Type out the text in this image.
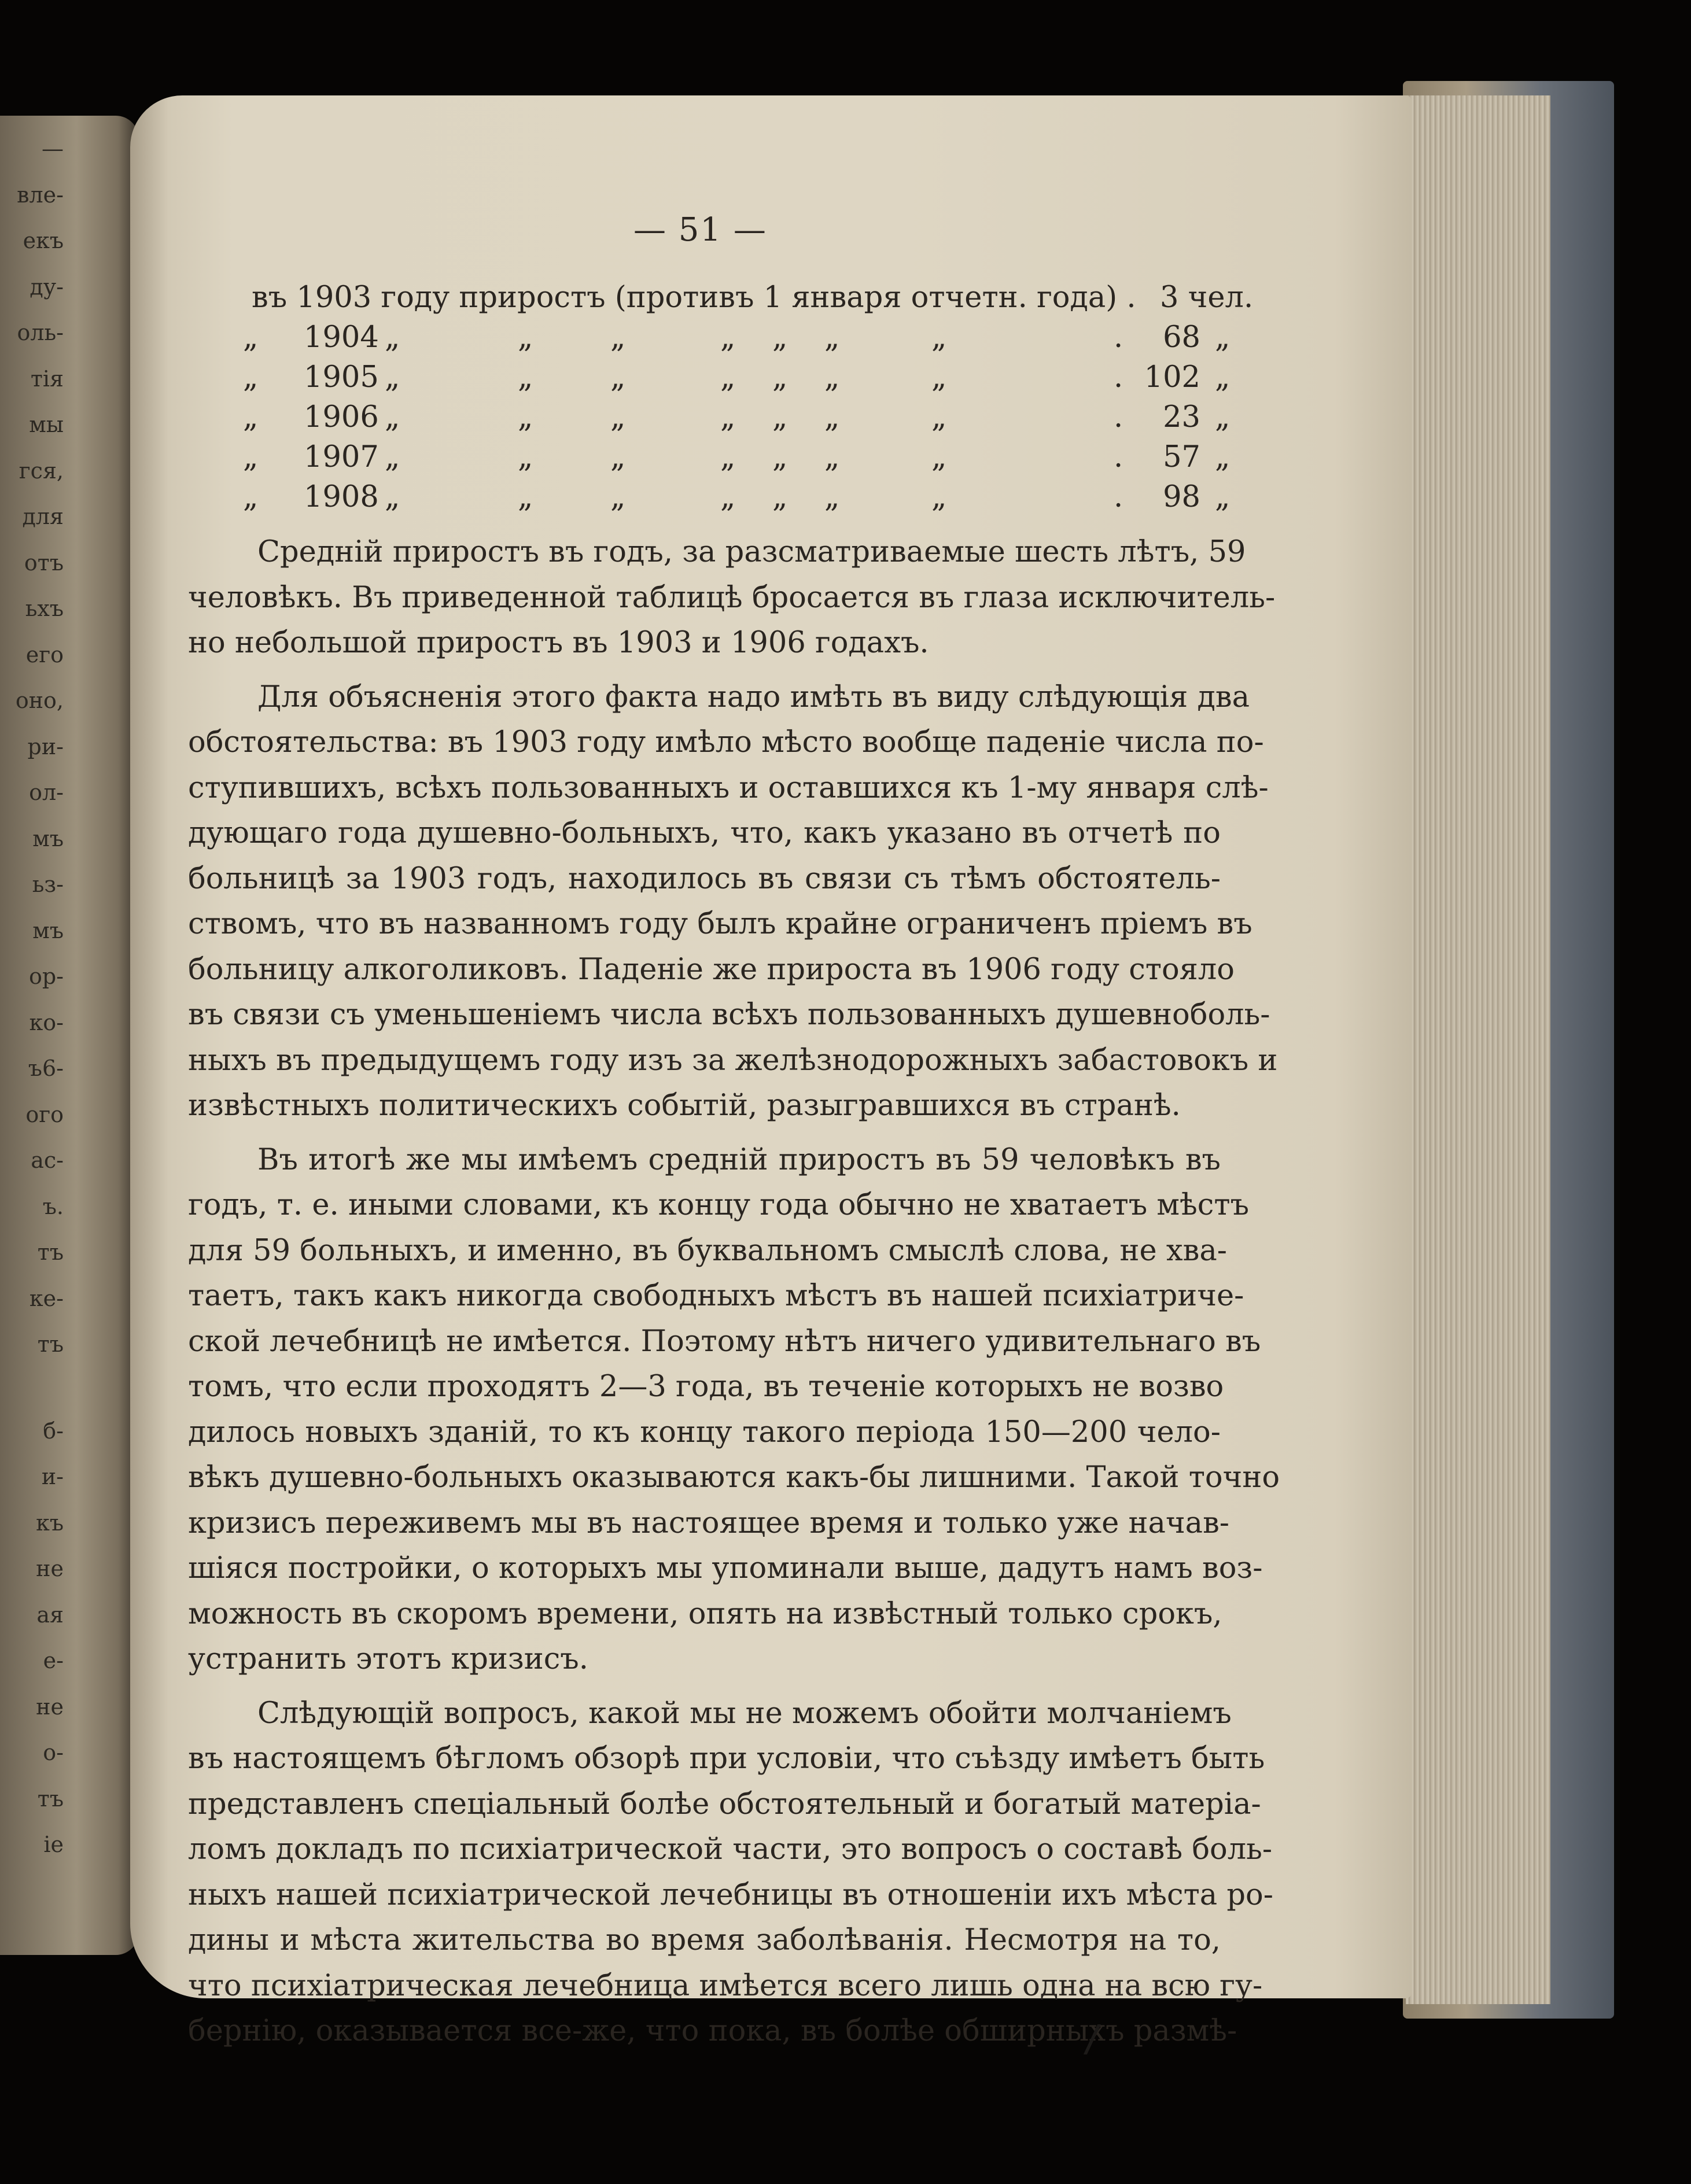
—
вле-
екъ
ду-
оль-
тія
мы
гся,
для
отъ
ьхъ
его
оно,
ри-
ол-
мъ
ьз-
мъ
ор-
ко-
ъ6-
ого
ас-
ъ.
тъ
ке-
тъ
б-
и-
къ
не
ая
е-
не
о-
тъ
іе
— 51 —
въ 1903 году приростъ (противъ 1 января отчетн. года) . 3 чел.
„ 1904 „	„	„	„ „ „	„	.	68 „
„ 1905 „	„	„	„ „ „	„	. 102 „
„ 1906 „	„	„	„ „ „	„	.	23 „
„ 1907 „	„	„	„ „ „	„	.	57 „
„ 1908 „	„	„	„ „ „	„	.	98 „
Средній приростъ въ годъ, за разсматриваемые шесть лѣтъ, 59
человѣкъ. Въ приведенной таблицѣ бросается въ глаза исключитель-
но небольшой приростъ въ 1903 и 1906 годахъ.
Для объясненія этого факта надо имѣть въ виду слѣдующія два
обстоятельства: въ 1903 году имѣло мѣсто вообще паденіе числа по-
ступившихъ, всѣхъ пользованныхъ и оставшихся къ 1-му января слѣ-
дующаго года душевно-больныхъ, что, какъ указано въ отчетѣ по
больницѣ за 1903 годъ, находилось въ связи съ тѣмъ обстоятель-
ствомъ, что въ названномъ году былъ крайне ограниченъ пріемъ въ
больницу алкоголиковъ. Паденіе же прироста въ 1906 году стояло
въ связи съ уменьшеніемъ числа всѣхъ пользованныхъ душевноболь-
ныхъ въ предыдущемъ году изъ за желѣзнодорожныхъ забастовокъ и
извѣстныхъ политическихъ событій, разыгравшихся въ странѣ.
Въ итогѣ же мы имѣемъ средній приростъ въ 59 человѣкъ въ
годъ, т. е. иными словами, къ концу года обычно не хватаетъ мѣстъ
для 59 больныхъ, и именно, въ буквальномъ смыслѣ слова, не хва-
таетъ, такъ какъ никогда свободныхъ мѣстъ въ нашей психіатриче-
ской лечебницѣ не имѣется. Поэтому нѣтъ ничего удивительнаго въ
томъ, что если проходятъ 2—3 года, въ теченіе которыхъ не возво
дилось новыхъ зданій, то къ концу такого періода 150—200 чело-
вѣкъ душевно-больныхъ оказываются какъ-бы лишними. Такой точно
кризисъ переживемъ мы въ настоящее время и только уже начав-
шіяся постройки, о которыхъ мы упоминали выше, дадутъ намъ воз-
можность въ скоромъ времени, опять на извѣстный только срокъ,
устранить этотъ кризисъ.
Слѣдующій вопросъ, какой мы не можемъ обойти молчаніемъ
въ настоящемъ бѣгломъ обзорѣ при условіи, что съѣзду имѣетъ быть
представленъ спеціальный болѣе обстоятельный и богатый матеріа-
ломъ докладъ по психіатрической части, это вопросъ о составѣ боль-
ныхъ нашей психіатрической лечебницы въ отношеніи ихъ мѣста ро-
дины и мѣста жительства во время заболѣванія. Несмотря на то,
что психіатрическая лечебница имѣется всего лишь одна на всю гу-
бернію, оказывается все-же, что пока, въ болѣе обширныхъ размѣ-
